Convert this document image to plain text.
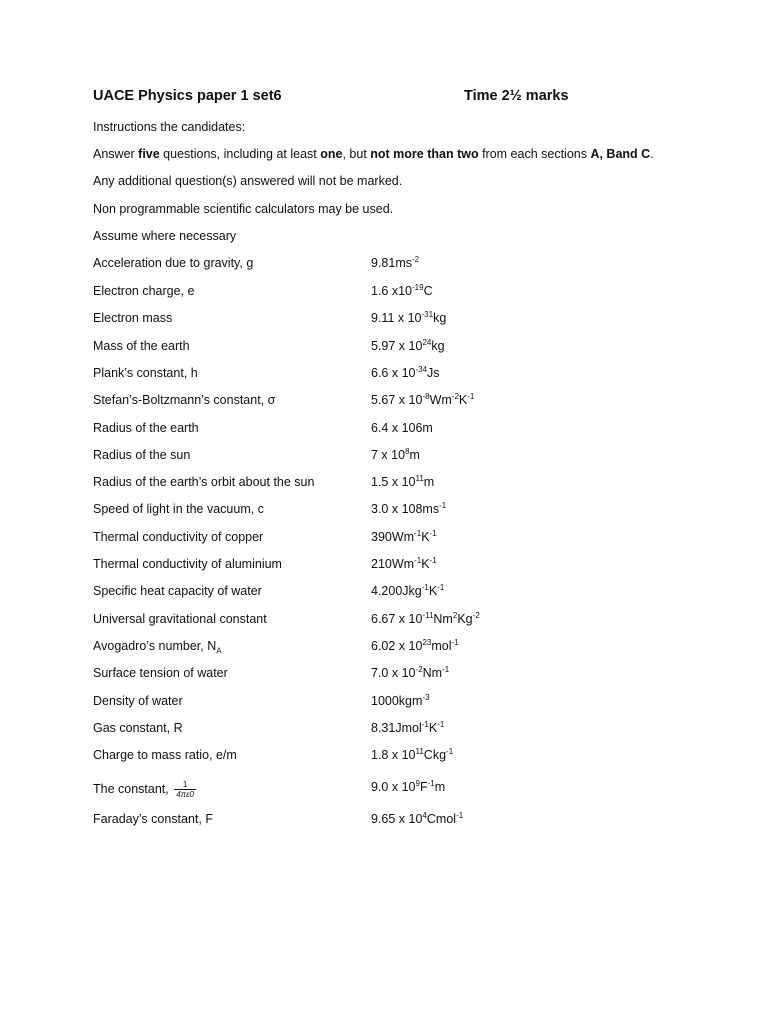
UACE Physics paper 1 set6	Time 2½ marks
Instructions the candidates:
Answer five questions, including at least one, but not more than two from each sections A, Band C.
Any additional question(s) answered will not be marked.
Non programmable scientific calculators may be used.
Assume where necessary
Acceleration due to gravity, g	$9.81ms^{-2}$
Electron charge, e	1.6 $x10^{-19}C$
Electron mass	9.11 x $10^{-31}kg$
Mass of the earth	5.97 x $10^{24}kg$
Plank’s constant, h	6.6 x $10^{-34}Js$
Stefan’s-Boltzmann’s constant, σ	5.67 x $10^{-8}Wm^{-2}K^{-1}$
Radius of the earth	6.4 x 106m
Radius of the sun	7 x $10^8m$
Radius of the earth’s orbit about the sun	1.5 x $10^{11}m$
Speed of light in the vacuum, c	3.0 x $108ms^{-1}$
Thermal conductivity of copper	$390Wm^{-1}K^{-1}$
Thermal conductivity of aluminium	$210Wm^{-1}K^{-1}$
Specific heat capacity of water	$4.200Jkg^{-1}K^{-1}$
Universal gravitational constant	6.67 x $10^{-11}Nm^2Kg^{-2}$
Avogadro’s number, $N_A$	6.02 x $10^{23}mol^{-1}$
Surface tension of water	7.0 x $10^{-2}Nm^{-1}$
Density of water	1000kgm$^{-3}$
Gas constant, R	$8.31Jmol^{-1}K^{-1}$
Charge to mass ratio, e/m	1.8 x $10^{11}Ckg^{-1}$
The constant, $\frac{1}{4\pi\varepsilon 0}$	9.0 x $10^9F^{-1}m$
Faraday’s constant, F	9.65 x $10^4Cmol^{-1}$
